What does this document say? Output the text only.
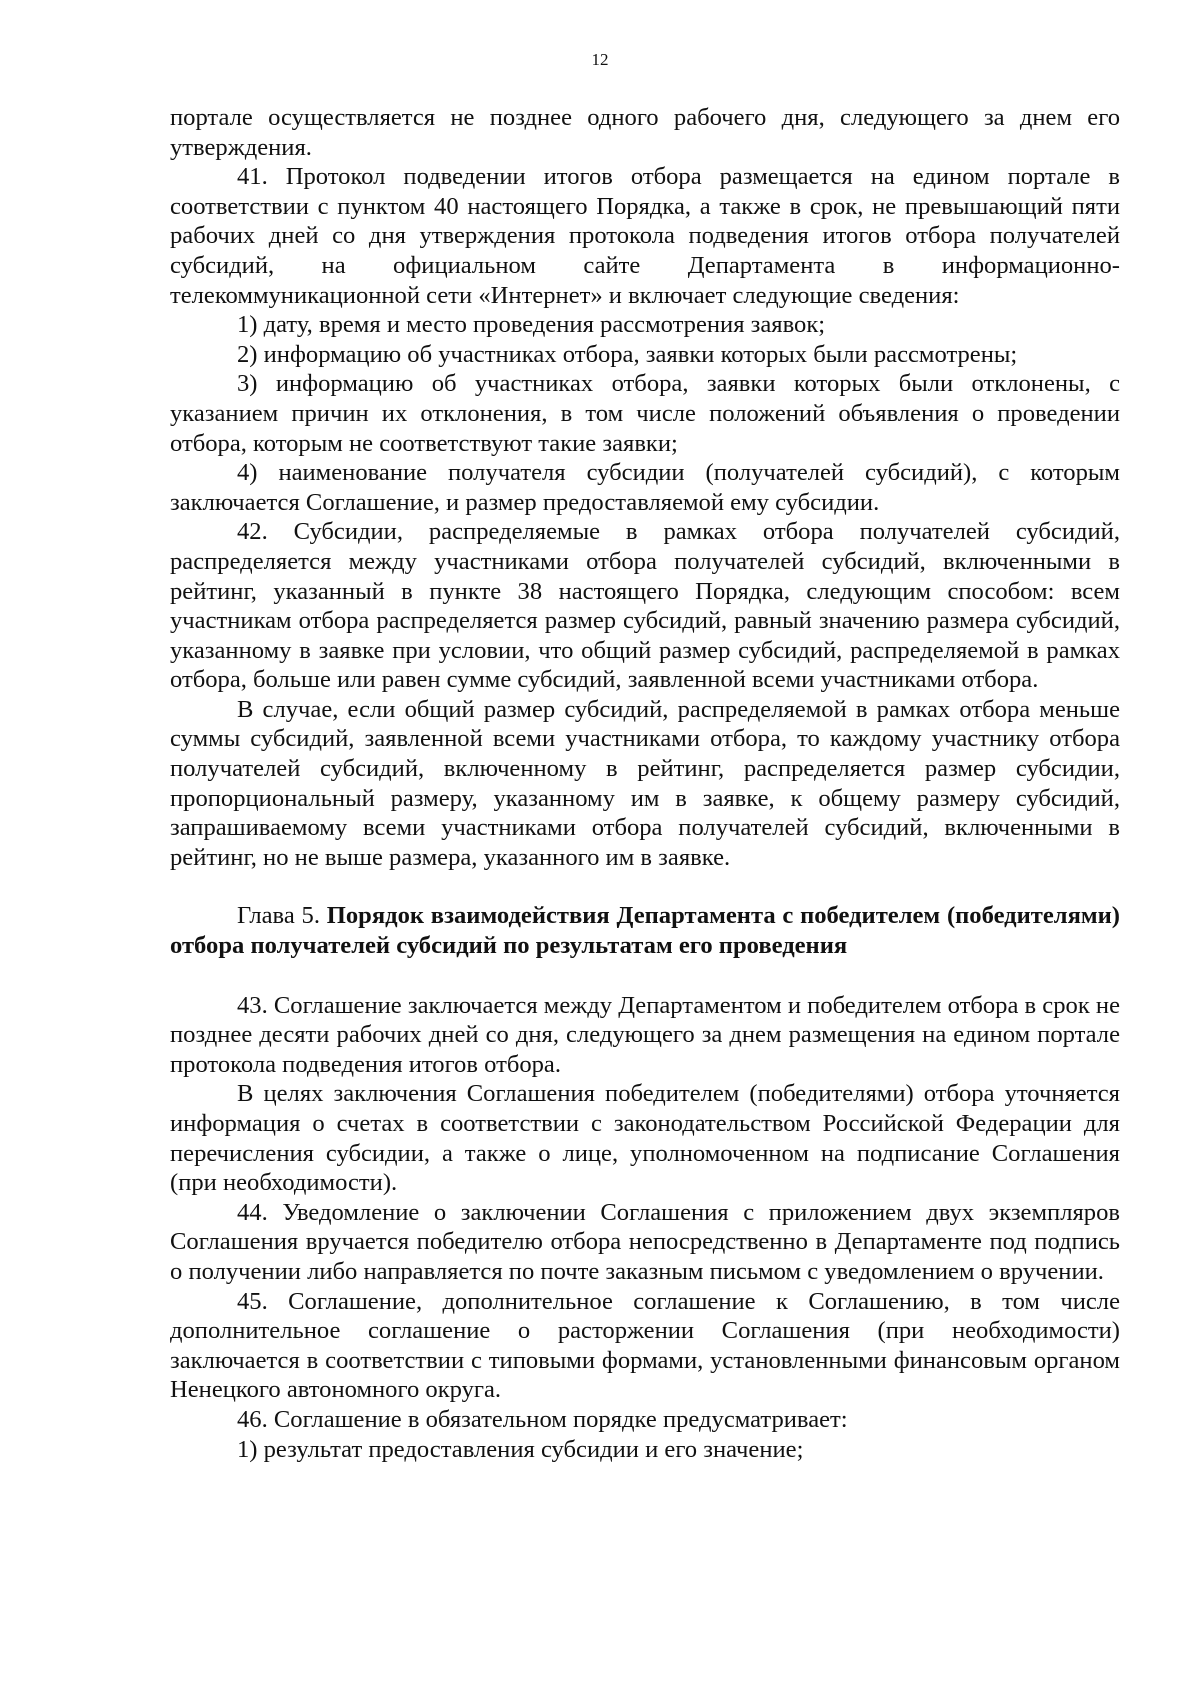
12

портале осуществляется не позднее одного рабочего дня, следующего за днем его утверждения.

41. Протокол подведении итогов отбора размещается на едином портале в соответствии с пунктом 40 настоящего Порядка, а также в срок, не превышающий пяти рабочих дней со дня утверждения протокола подведения итогов отбора получателей субсидий, на официальном сайте Департамента в информационно-телекоммуникационной сети «Интернет» и включает следующие сведения:

1) дату, время и место проведения рассмотрения заявок;

2) информацию об участниках отбора, заявки которых были рассмотрены;

3) информацию об участниках отбора, заявки которых были отклонены, с указанием причин их отклонения, в том числе положений объявления о проведении отбора, которым не соответствуют такие заявки;

4) наименование получателя субсидии (получателей субсидий), с которым заключается Соглашение, и размер предоставляемой ему субсидии.

42. Субсидии, распределяемые в рамках отбора получателей субсидий, распределяется между участниками отбора получателей субсидий, включенными в рейтинг, указанный в пункте 38 настоящего Порядка, следующим способом: всем участникам отбора распределяется размер субсидий, равный значению размера субсидий, указанному в заявке при условии, что общий размер субсидий, распределяемой в рамках отбора, больше или равен сумме субсидий, заявленной всеми участниками отбора.

В случае, если общий размер субсидий, распределяемой в рамках отбора меньше суммы субсидий, заявленной всеми участниками отбора, то каждому участнику отбора получателей субсидий, включенному в рейтинг, распределяется размер субсидии, пропорциональный размеру, указанному им в заявке, к общему размеру субсидий, запрашиваемому всеми участниками отбора получателей субсидий, включенными в рейтинг, но не выше размера, указанного им в заявке.

Глава 5. Порядок взаимодействия Департамента с победителем (победителями) отбора получателей субсидий по результатам его проведения

43. Соглашение заключается между Департаментом и победителем отбора в срок не позднее десяти рабочих дней со дня, следующего за днем размещения на едином портале протокола подведения итогов отбора.

В целях заключения Соглашения победителем (победителями) отбора уточняется информация о счетах в соответствии с законодательством Российской Федерации для перечисления субсидии, а также о лице, уполномоченном на подписание Соглашения (при необходимости).

44. Уведомление о заключении Соглашения с приложением двух экземпляров Соглашения вручается победителю отбора непосредственно в Департаменте под подпись о получении либо направляется по почте заказным письмом с уведомлением о вручении.

45. Соглашение, дополнительное соглашение к Соглашению, в том числе дополнительное соглашение о расторжении Соглашения (при необходимости) заключается в соответствии с типовыми формами, установленными финансовым органом Ненецкого автономного округа.

46. Соглашение в обязательном порядке предусматривает:

1) результат предоставления субсидии и его значение;
